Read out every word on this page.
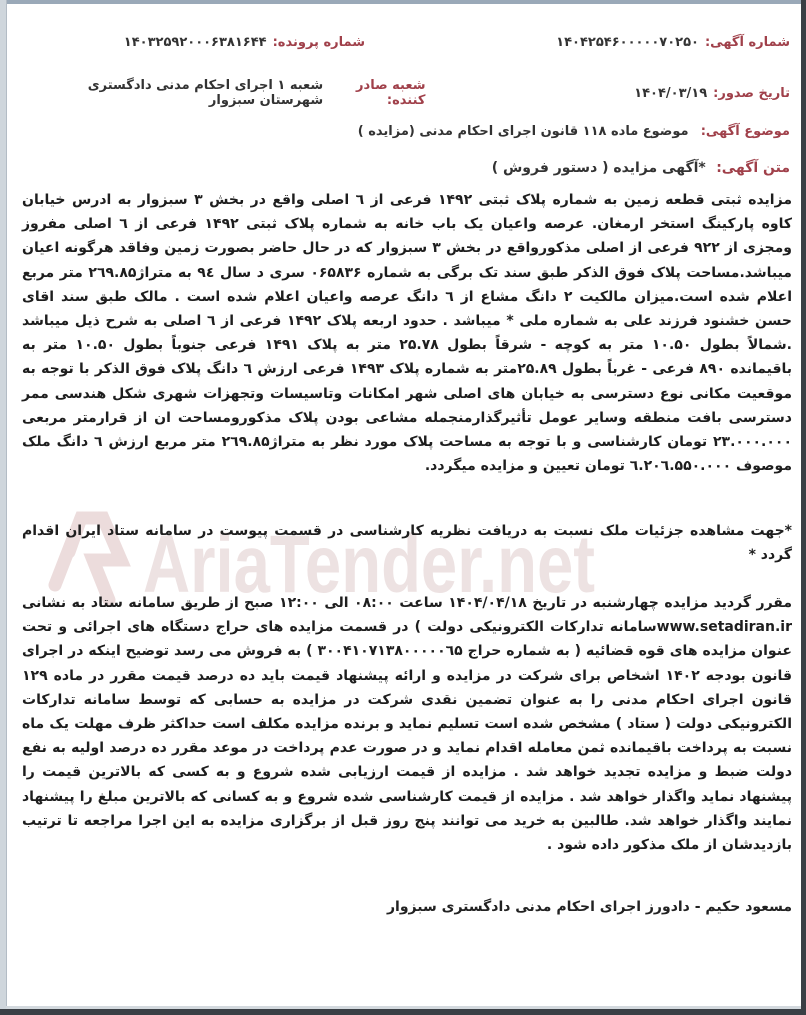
AriaTender.net
شماره آگهی:
۱۴۰۴۲۵۴۶۰۰۰۰۰۷۰۲۵۰
شماره پرونده:
۱۴۰۳۲۵۹۲۰۰۰۶۳۸۱۶۴۴
تاریخ صدور:
۱۴۰۴/۰۳/۱۹
شعبه صادر کننده:
شعبه ۱ اجرای احکام مدنی دادگستری شهرستان سبزوار
موضوع آگهی: موضوع ماده ۱۱۸ قانون اجرای احکام مدنی (مزایده )
متن آگهی: *آگهی مزایده ( دستور فروش )

مزایده ثبتی قطعه زمین به شماره پلاک ثبتی ۱۴۹۲ فرعی از ٦ اصلی واقع در بخش ۳ سبزوار به ادرس خیابان کاوه پارکینگ استخر ارمغان. عرصه واعیان یک باب خانه به شماره پلاک ثبتی ۱۴۹۲ فرعی از ٦ اصلی مفروز ومجزی از ۹۲۲ فرعی از اصلی مذکورواقع در بخش ۳ سبزوار که در حال حاضر بصورت زمین وفاقد هرگونه اعیان میباشد.مساحت پلاک فوق الذکر طبق سند تک برگی به شماره ۰۶۵۸۳۶ سری د سال ۹٤ به متراژ۲٦۹.۸۵ متر مربع اعلام شده است.میزان مالکیت ۲ دانگ مشاع از ٦ دانگ عرصه واعیان اعلام شده است . مالک طبق سند اقای حسن خشنود فرزند علی به شماره ملی * میباشد . حدود اربعه پلاک ۱۴۹۲ فرعی از ٦ اصلی به شرح ذیل میباشد .شمالاً بطول ۱۰.۵۰ متر به کوچه - شرقاً بطول ۲۵.۷۸ متر به پلاک ۱۴۹۱ فرعی جنوباً بطول ۱۰.۵۰ متر به باقیمانده ۸۹۰ فرعی - غرباً بطول ۲۵.۸۹متر به شماره پلاک ۱۴۹۳ فرعی ارزش ٦ دانگ پلاک فوق الذکر با توجه به موقعیت مکانی نوع دسترسی به خیابان های اصلی شهر امکانات وتاسیسات وتجهزات شهری شکل هندسی ممر دسترسی بافت منطقه وسایر عومل تأثیرگذارمنجمله مشاعی بودن پلاک مذکورومساحت ان از قرارمتر مربعی ۲۳.۰۰۰.۰۰۰ تومان کارشناسی و با توجه به مساحت پلاک مورد نظر به متراژ۲٦۹.۸۵ متر مربع ارزش ٦ دانگ ملک موصوف ٦.۲۰٦.۵۵۰.۰۰۰ تومان تعیین و مزایده میگردد.

*جهت مشاهده جزئیات ملک نسبت به دریافت نظریه کارشناسی در قسمت پیوست در سامانه ستاد ایران اقدام گردد *

مقرر گردید مزایده چهارشنبه در تاریخ ۱۴۰۴/۰۴/۱۸ ساعت ۰۸:۰۰ الی ۱۲:۰۰ صبح از طریق سامانه ستاد به نشانی www.setadiran.irسامانه تدارکات الکترونیکی دولت ) در قسمت مزایده های حراج دستگاه های اجرائی و تحت عنوان مزایده های قوه قضائیه ( به شماره حراج ۳۰۰۴۱۰۷۱۳۸۰۰۰۰۰٦۵ ) به فروش می رسد توضیح اینکه در اجرای قانون بودجه ۱۴۰۲ اشخاص برای شرکت در مزایده و ارائه پیشنهاد قیمت باید ده درصد قیمت مقرر در ماده ۱۲۹ قانون اجرای احکام مدنی را به عنوان تضمین نقدی شرکت در مزایده به حسابی که توسط سامانه تدارکات الکترونیکی دولت ( ستاد ) مشخص شده است تسلیم نماید و برنده مزایده مکلف است حداکثر ظرف مهلت یک ماه نسبت به پرداخت باقیمانده ثمن معامله اقدام نماید و در صورت عدم پرداخت در موعد مقرر ده درصد اولیه به نفع دولت ضبط و مزایده تجدید خواهد شد . مزایده از قیمت ارزیابی شده شروع و به کسی که بالاترین قیمت را پیشنهاد نماید واگذار خواهد شد . مزایده از قیمت کارشناسی شده شروع و به کسانی که بالاترین مبلغ را پیشنهاد نمایند واگذار خواهد شد. طالبین به خرید می توانند پنج روز قبل از برگزاری مزایده به این اجرا مراجعه تا ترتیب بازدیدشان از ملک مذکور داده شود .

مسعود حکیم - دادورز اجرای احکام مدنی دادگستری سبزوار
